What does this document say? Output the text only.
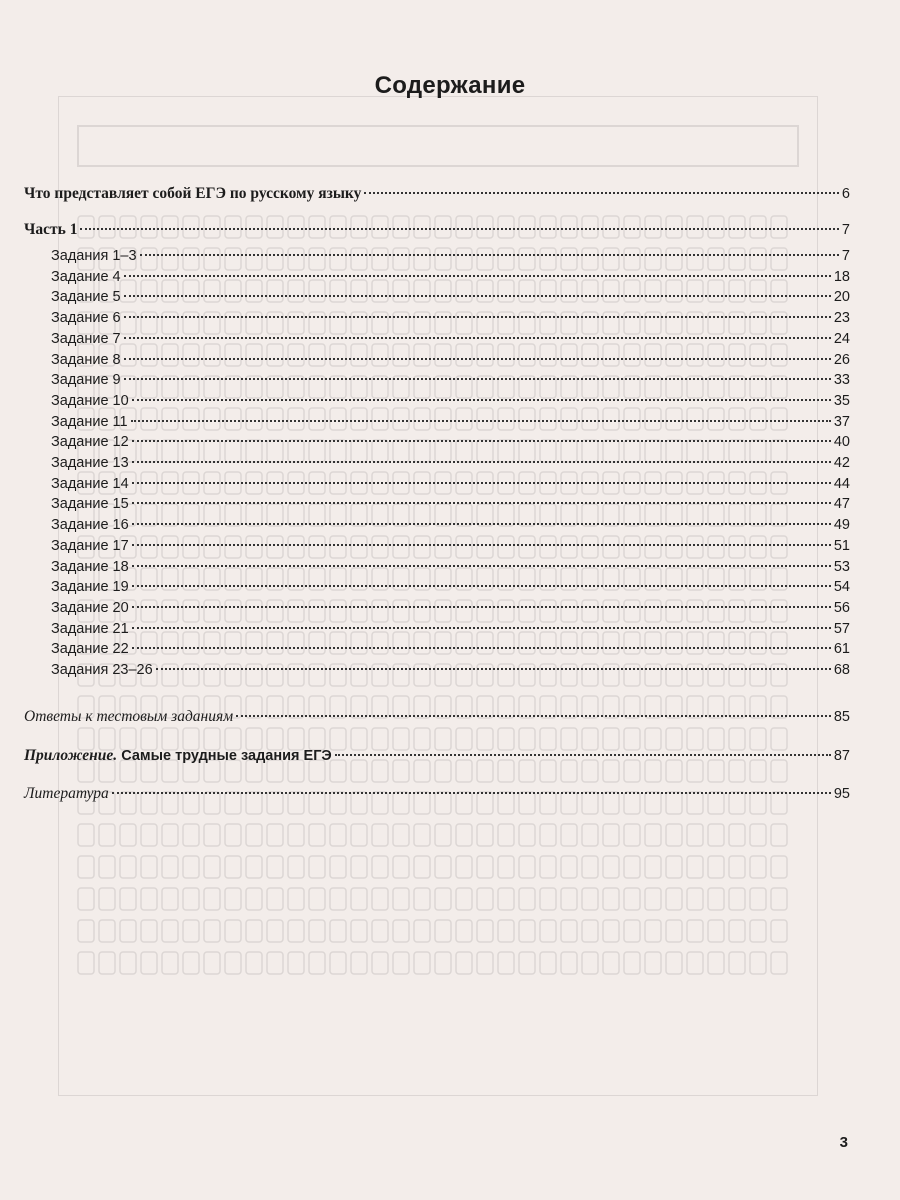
Содержание
Что представляет собой ЕГЭ по русскому языку	6
Часть 1	7
Задания 1–3	7
Задание 4	18
Задание 5	20
Задание 6	23
Задание 7	24
Задание 8	26
Задание 9	33
Задание 10	35
Задание 11	37
Задание 12	40
Задание 13	42
Задание 14	44
Задание 15	47
Задание 16	49
Задание 17	51
Задание 18	53
Задание 19	54
Задание 20	56
Задание 21	57
Задание 22	61
Задания 23–26	68
Ответы к тестовым заданиям	85
Приложение. Самые трудные задания ЕГЭ	87
Литература	95
3
